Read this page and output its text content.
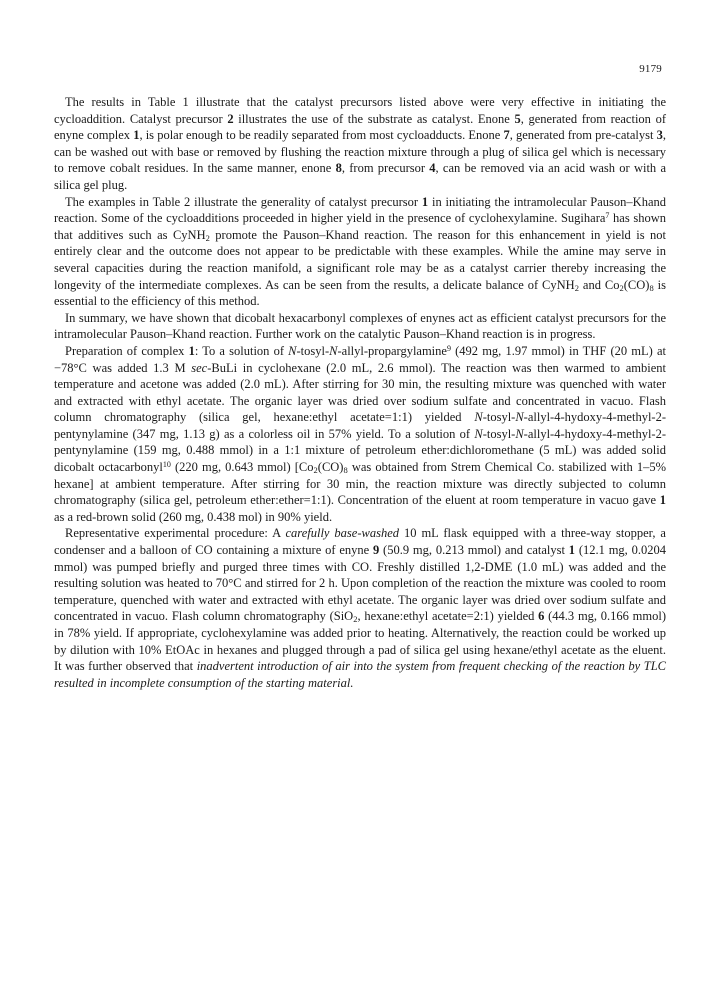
9179

The results in Table 1 illustrate that the catalyst precursors listed above were very effective in initiating the cycloaddition. Catalyst precursor 2 illustrates the use of the substrate as catalyst. Enone 5, generated from reaction of enyne complex 1, is polar enough to be readily separated from most cycloadducts. Enone 7, generated from pre-catalyst 3, can be washed out with base or removed by flushing the reaction mixture through a plug of silica gel which is necessary to remove cobalt residues. In the same manner, enone 8, from precursor 4, can be removed via an acid wash or with a silica gel plug.

The examples in Table 2 illustrate the generality of catalyst precursor 1 in initiating the intramolecular Pauson–Khand reaction. Some of the cycloadditions proceeded in higher yield in the presence of cyclohexylamine. Sugihara$^7$ has shown that additives such as CyNH$_2$ promote the Pauson–Khand reaction. The reason for this enhancement in yield is not entirely clear and the outcome does not appear to be predictable with these examples. While the amine may serve in several capacities during the reaction manifold, a significant role may be as a catalyst carrier thereby increasing the longevity of the intermediate complexes. As can be seen from the results, a delicate balance of CyNH$_2$ and $Co_2(CO)_8$ is essential to the efficiency of this method.

In summary, we have shown that dicobalt hexacarbonyl complexes of enynes act as efficient catalyst precursors for the intramolecular Pauson–Khand reaction. Further work on the catalytic Pauson–Khand reaction is in progress.

Preparation of complex 1: To a solution of N-tosyl-N-allyl-propargylamine$^9$ (492 mg, 1.97 mmol) in THF (20 mL) at −78°C was added 1.3 M sec-BuLi in cyclohexane (2.0 mL, 2.6 mmol). The reaction was then warmed to ambient temperature and acetone was added (2.0 mL). After stirring for 30 min, the resulting mixture was quenched with water and extracted with ethyl acetate. The organic layer was dried over sodium sulfate and concentrated in vacuo. Flash column chromatography (silica gel, hexane:ethyl acetate=1:1) yielded N-tosyl-N-allyl-4-hydoxy-4-methyl-2-pentynylamine (347 mg, 1.13 g) as a colorless oil in 57% yield. To a solution of N-tosyl-N-allyl-4-hydoxy-4-methyl-2-pentynylamine (159 mg, 0.488 mmol) in a 1:1 mixture of petroleum ether:dichloromethane (5 mL) was added solid dicobalt octacarbonyl$^{10}$ (220 mg, 0.643 mmol) [$Co_2(CO)_8$ was obtained from Strem Chemical Co. stabilized with 1–5% hexane] at ambient temperature. After stirring for 30 min, the reaction mixture was directly subjected to column chromatography (silica gel, petroleum ether:ether=1:1). Concentration of the eluent at room temperature in vacuo gave 1 as a red-brown solid (260 mg, 0.438 mol) in 90% yield.

Representative experimental procedure: A carefully base-washed 10 mL flask equipped with a three-way stopper, a condenser and a balloon of CO containing a mixture of enyne 9 (50.9 mg, 0.213 mmol) and catalyst 1 (12.1 mg, 0.0204 mmol) was pumped briefly and purged three times with CO. Freshly distilled 1,2-DME (1.0 mL) was added and the resulting solution was heated to 70°C and stirred for 2 h. Upon completion of the reaction the mixture was cooled to room temperature, quenched with water and extracted with ethyl acetate. The organic layer was dried over sodium sulfate and concentrated in vacuo. Flash column chromatography (SiO$_2$, hexane:ethyl acetate=2:1) yielded 6 (44.3 mg, 0.166 mmol) in 78% yield. If appropriate, cyclohexylamine was added prior to heating. Alternatively, the reaction could be worked up by dilution with 10% EtOAc in hexanes and plugged through a pad of silica gel using hexane/ethyl acetate as the eluent. It was further observed that inadvertent introduction of air into the system from frequent checking of the reaction by TLC resulted in incomplete consumption of the starting material.
